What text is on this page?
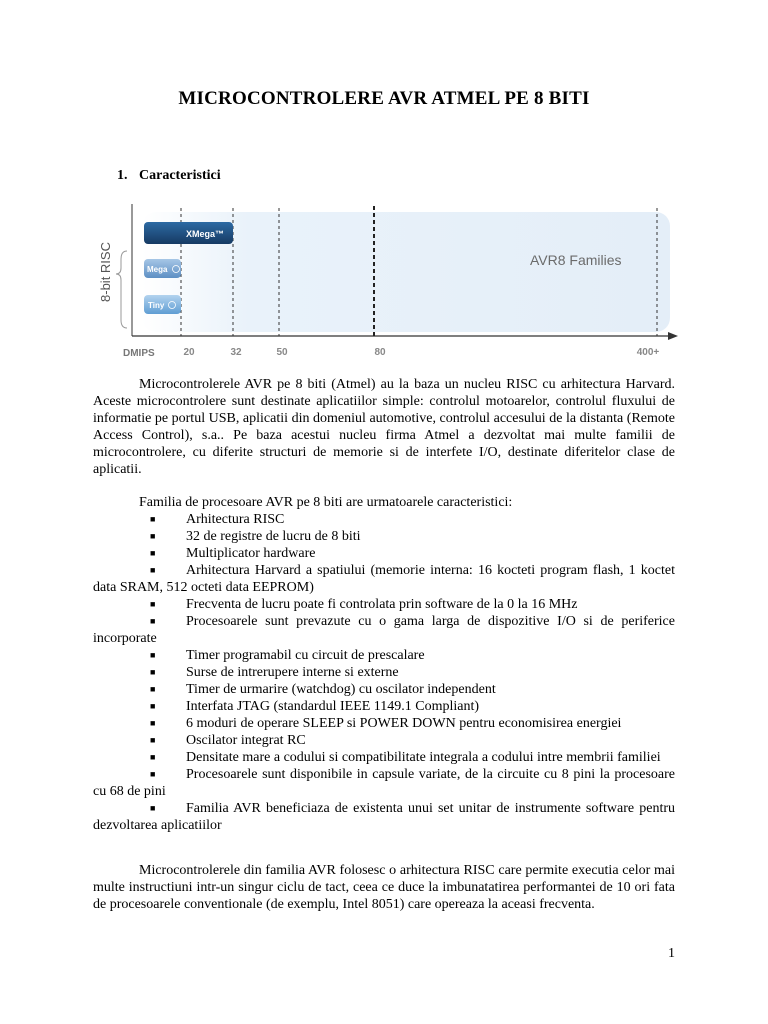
MICROCONTROLERE AVR ATMEL PE 8 BITI
1. Caracteristici
8-bit RISC
XMega™
Mega
Tiny
AVR8 Families
DMIPS	20	32	50	80	400+

Microcontrolerele AVR pe 8 biti (Atmel) au la baza un nucleu RISC cu arhitectura Harvard. Aceste microcontrolere sunt destinate aplicatiilor simple: controlul motoarelor, controlul fluxului de informatie pe portul USB, aplicatii din domeniul automotive, controlul accesului de la distanta (Remote Access Control), s.a.. Pe baza acestui nucleu firma Atmel a dezvoltat mai multe familii de microcontrolere, cu diferite structuri de memorie si de interfete I/O, destinate diferitelor clase de aplicatii.

Familia de procesoare AVR pe 8 biti are urmatoarele caracteristici:

■ Arhitectura RISC
■ 32 de registre de lucru de 8 biti
■ Multiplicator hardware
■ Arhitectura Harvard a spatiului (memorie interna: 16 kocteti program flash, 1 koctet data SRAM, 512 octeti data EEPROM)
■ Frecventa de lucru poate fi controlata prin software de la 0 la 16 MHz
■ Procesoarele sunt prevazute cu o gama larga de dispozitive I/O si de periferice incorporate
■ Timer programabil cu circuit de prescalare
■ Surse de intrerupere interne si externe
■ Timer de urmarire (watchdog) cu oscilator independent
■ Interfata JTAG (standardul IEEE 1149.1 Compliant)
■ 6 moduri de operare SLEEP si POWER DOWN pentru economisirea energiei
■ Oscilator integrat RC
■ Densitate mare a codului si compatibilitate integrala a codului intre membrii familiei
■ Procesoarele sunt disponibile in capsule variate, de la circuite cu 8 pini la procesoare cu 68 de pini
■ Familia AVR beneficiaza de existenta unui set unitar de instrumente software pentru dezvoltarea aplicatiilor

Microcontrolerele din familia AVR folosesc o arhitectura RISC care permite executia celor mai multe instructiuni intr-un singur ciclu de tact, ceea ce duce la imbunatatirea performantei de 10 ori fata de procesoarele conventionale (de exemplu, Intel 8051) care opereaza la aceasi frecventa.

1
